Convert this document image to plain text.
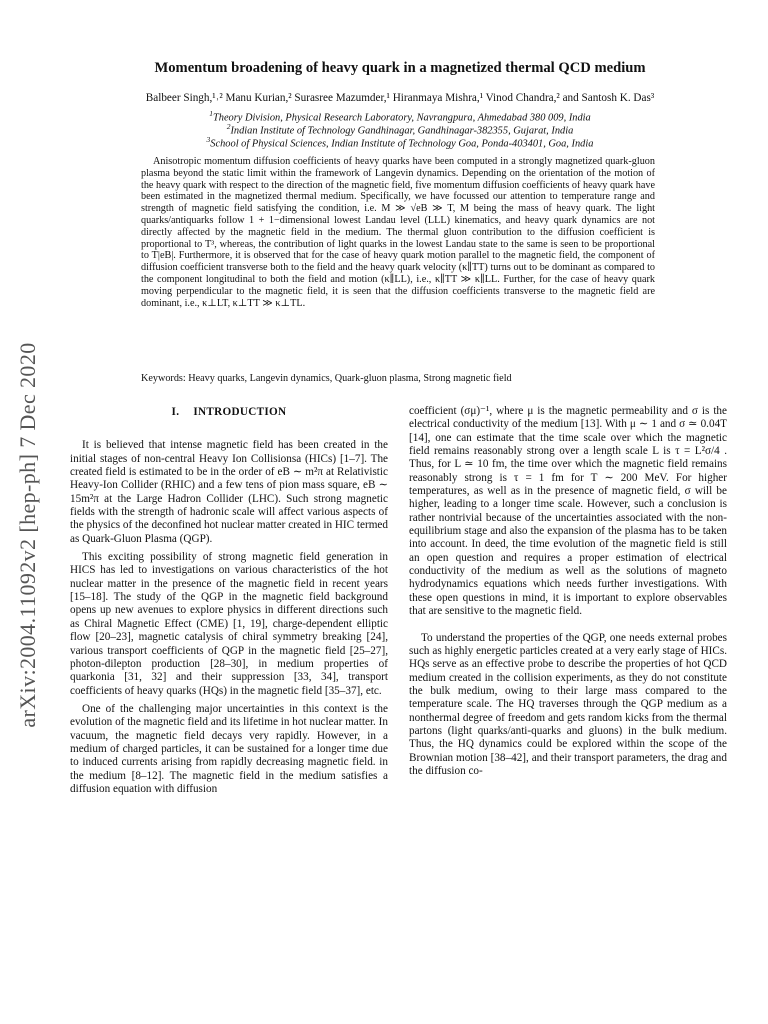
arXiv:2004.11092v2 [hep-ph] 7 Dec 2020
Momentum broadening of heavy quark in a magnetized thermal QCD medium
Balbeer Singh,¹˒² Manu Kurian,² Surasree Mazumder,¹ Hiranmaya Mishra,¹ Vinod Chandra,² and Santosh K. Das³
$^1$Theory Division, Physical Research Laboratory, Navrangpura, Ahmedabad 380 009, India
$^2$Indian Institute of Technology Gandhinagar, Gandhinagar-382355, Gujarat, India
$^3$School of Physical Sciences, Indian Institute of Technology Goa, Ponda-403401, Goa, India

Anisotropic momentum diffusion coefficients of heavy quarks have been computed in a strongly magnetized quark-gluon plasma beyond the static limit within the framework of Langevin dynamics. Depending on the orientation of the motion of the heavy quark with respect to the direction of the magnetic field, five momentum diffusion coefficients of heavy quark have been estimated in the magnetized thermal medium. Specifically, we have focussed our attention to temperature range and strength of magnetic field satisfying the condition, i.e. M ≫ √eB ≫ T, M being the mass of heavy quark. The light quarks/antiquarks follow 1 + 1−dimensional lowest Landau level (LLL) kinematics, and heavy quark dynamics are not directly affected by the magnetic field in the medium. The thermal gluon contribution to the diffusion coefficient is proportional to T³, whereas, the contribution of light quarks in the lowest Landau state to the same is seen to be proportional to T|eB|. Furthermore, it is observed that for the case of heavy quark motion parallel to the magnetic field, the component of diffusion coefficient transverse both to the field and the heavy quark velocity (κ∥TT) turns out to be dominant as compared to the component longitudinal to both the field and motion (κ∥LL), i.e., κ∥TT ≫ κ∥LL. Further, for the case of heavy quark moving perpendicular to the magnetic field, it is seen that the diffusion coefficients transverse to the magnetic field are dominant, i.e., κ⊥LT, κ⊥TT ≫ κ⊥TL.

Keywords: Heavy quarks, Langevin dynamics, Quark-gluon plasma, Strong magnetic field

I. INTRODUCTION

It is believed that intense magnetic field has been created in the initial stages of non-central Heavy Ion Collisionsa (HICs) [1–7]. The created field is estimated to be in the order of eB ∼ m²π at Relativistic Heavy-Ion Collider (RHIC) and a few tens of pion mass square, eB ∼ 15m²π at the Large Hadron Collider (LHC). Such strong magnetic fields with the strength of hadronic scale will affect various aspects of the physics of the deconfined hot nuclear matter created in HIC termed as Quark-Gluon Plasma (QGP).

This exciting possibility of strong magnetic field generation in HICS has led to investigations on various characteristics of the hot nuclear matter in the presence of the magnetic field in recent years [15–18]. The study of the QGP in the magnetic field background opens up new avenues to explore physics in different directions such as Chiral Magnetic Effect (CME) [1, 19], charge-dependent elliptic flow [20–23], magnetic catalysis of chiral symmetry breaking [24], various transport coefficients of QGP in the magnetic field [25–27], photon-dilepton production [28–30], in medium properties of quarkonia [31, 32] and their suppression [33, 34], transport coefficients of heavy quarks (HQs) in the magnetic field [35–37], etc.

One of the challenging major uncertainties in this context is the evolution of the magnetic field and its lifetime in hot nuclear matter. In vacuum, the magnetic field decays very rapidly. However, in a medium of charged particles, it can be sustained for a longer time due to induced currents arising from rapidly decreasing magnetic field. in the medium [8–12]. The magnetic field in the medium satisfies a diffusion equation with diffusion

coefficient (σμ)⁻¹, where μ is the magnetic permeability and σ is the electrical conductivity of the medium [13]. With μ ∼ 1 and σ ≃ 0.04T [14], one can estimate that the time scale over which the magnetic field remains reasonably strong over a length scale L is τ = L²σ/4 . Thus, for L ≃ 10 fm, the time over which the magnetic field remains reasonably strong is τ = 1 fm for T ∼ 200 MeV. For higher temperatures, as well as in the presence of magnetic field, σ will be higher, leading to a longer time scale. However, such a conclusion is rather nontrivial because of the uncertainties associated with the non-equilibrium stage and also the expansion of the plasma has to be taken into account. In deed, the time evolution of the magnetic field is still an open question and requires a proper estimation of electrical conductivity of the medium as well as the solutions of magneto hydrodynamics equations which needs further investigations. With these open questions in mind, it is important to explore observables that are sensitive to the magnetic field.

To understand the properties of the QGP, one needs external probes such as highly energetic particles created at a very early stage of HICs. HQs serve as an effective probe to describe the properties of hot QCD medium created in the collision experiments, as they do not constitute the bulk medium, owing to their large mass compared to the temperature scale. The HQ traverses through the QGP medium as a nonthermal degree of freedom and gets random kicks from the thermal partons (light quarks/anti-quarks and gluons) in the bulk medium. Thus, the HQ dynamics could be explored within the scope of the Brownian motion [38–42], and their transport parameters, the drag and the diffusion co-
